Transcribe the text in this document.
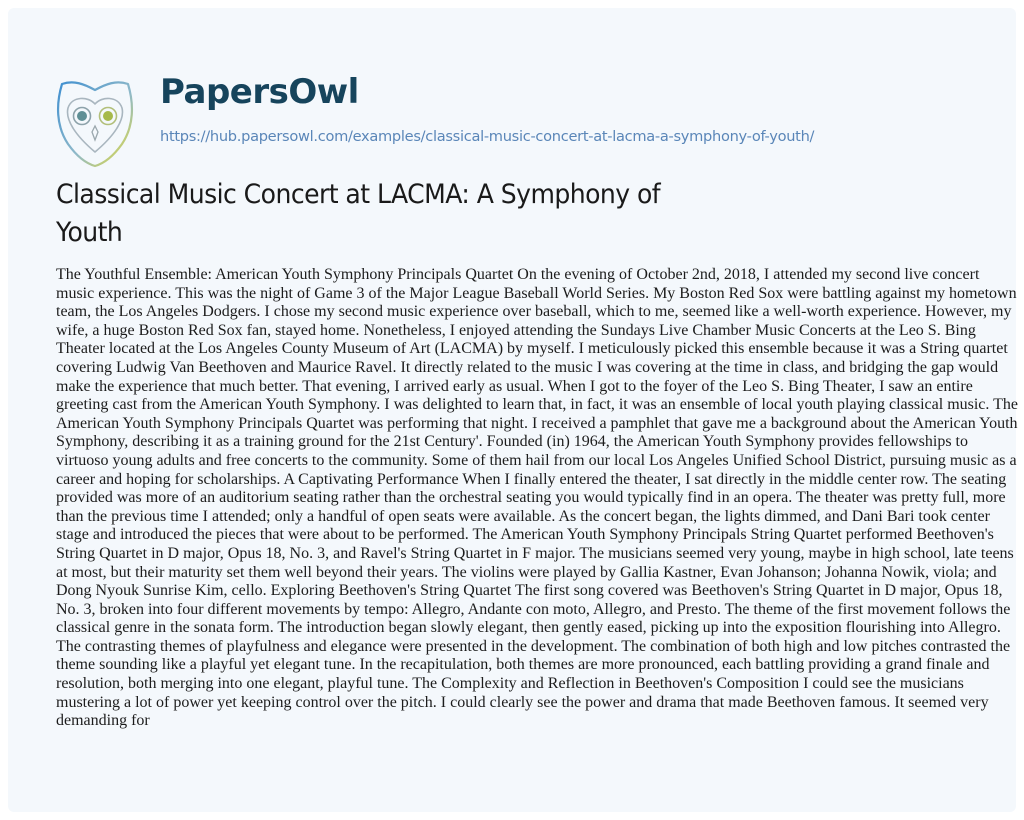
PapersOwl
https://hub.papersowl.com/examples/classical-music-concert-at-lacma-a-symphony-of-youth/
Classical Music Concert at LACMA: A Symphony of Youth

The Youthful Ensemble: American Youth Symphony Principals Quartet On the evening of October 2nd, 2018, I attended my second live concert music experience. This was the night of Game 3 of the Major League Baseball World Series. My Boston Red Sox were battling against my hometown team, the Los Angeles Dodgers. I chose my second music experience over baseball, which to me, seemed like a well-worth experience. However, my wife, a huge Boston Red Sox fan, stayed home. Nonetheless, I enjoyed attending the Sundays Live Chamber Music Concerts at the Leo S. Bing Theater located at the Los Angeles County Museum of Art (LACMA) by myself. I meticulously picked this ensemble because it was a String quartet covering Ludwig Van Beethoven and Maurice Ravel. It directly related to the music I was covering at the time in class, and bridging the gap would make the experience that much better. That evening, I arrived early as usual. When I got to the foyer of the Leo S. Bing Theater, I saw an entire greeting cast from the American Youth Symphony. I was delighted to learn that, in fact, it was an ensemble of local youth playing classical music. The American Youth Symphony Principals Quartet was performing that night. I received a pamphlet that gave me a background about the American Youth Symphony, describing it as a training ground for the 21st Century'. Founded (in) 1964, the American Youth Symphony provides fellowships to virtuoso young adults and free concerts to the community. Some of them hail from our local Los Angeles Unified School District, pursuing music as a career and hoping for scholarships. A Captivating Performance When I finally entered the theater, I sat directly in the middle center row. The seating provided was more of an auditorium seating rather than the orchestral seating you would typically find in an opera. The theater was pretty full, more than the previous time I attended; only a handful of open seats were available. As the concert began, the lights dimmed, and Dani Bari took center stage and introduced the pieces that were about to be performed. The American Youth Symphony Principals String Quartet performed Beethoven's String Quartet in D major, Opus 18, No. 3, and Ravel's String Quartet in F major. The musicians seemed very young, maybe in high school, late teens at most, but their maturity set them well beyond their years. The violins were played by Gallia Kastner, Evan Johanson; Johanna Nowik, viola; and Dong Nyouk Sunrise Kim, cello. Exploring Beethoven's String Quartet The first song covered was Beethoven's String Quartet in D major, Opus 18, No. 3, broken into four different movements by tempo: Allegro, Andante con moto, Allegro, and Presto. The theme of the first movement follows the classical genre in the sonata form. The introduction began slowly elegant, then gently eased, picking up into the exposition flourishing into Allegro. The contrasting themes of playfulness and elegance were presented in the development. The combination of both high and low pitches contrasted the theme sounding like a playful yet elegant tune. In the recapitulation, both themes are more pronounced, each battling providing a grand finale and resolution, both merging into one elegant, playful tune. The Complexity and Reflection in Beethoven's Composition I could see the musicians mustering a lot of power yet keeping control over the pitch. I could clearly see the power and drama that made Beethoven famous. It seemed very demanding for
